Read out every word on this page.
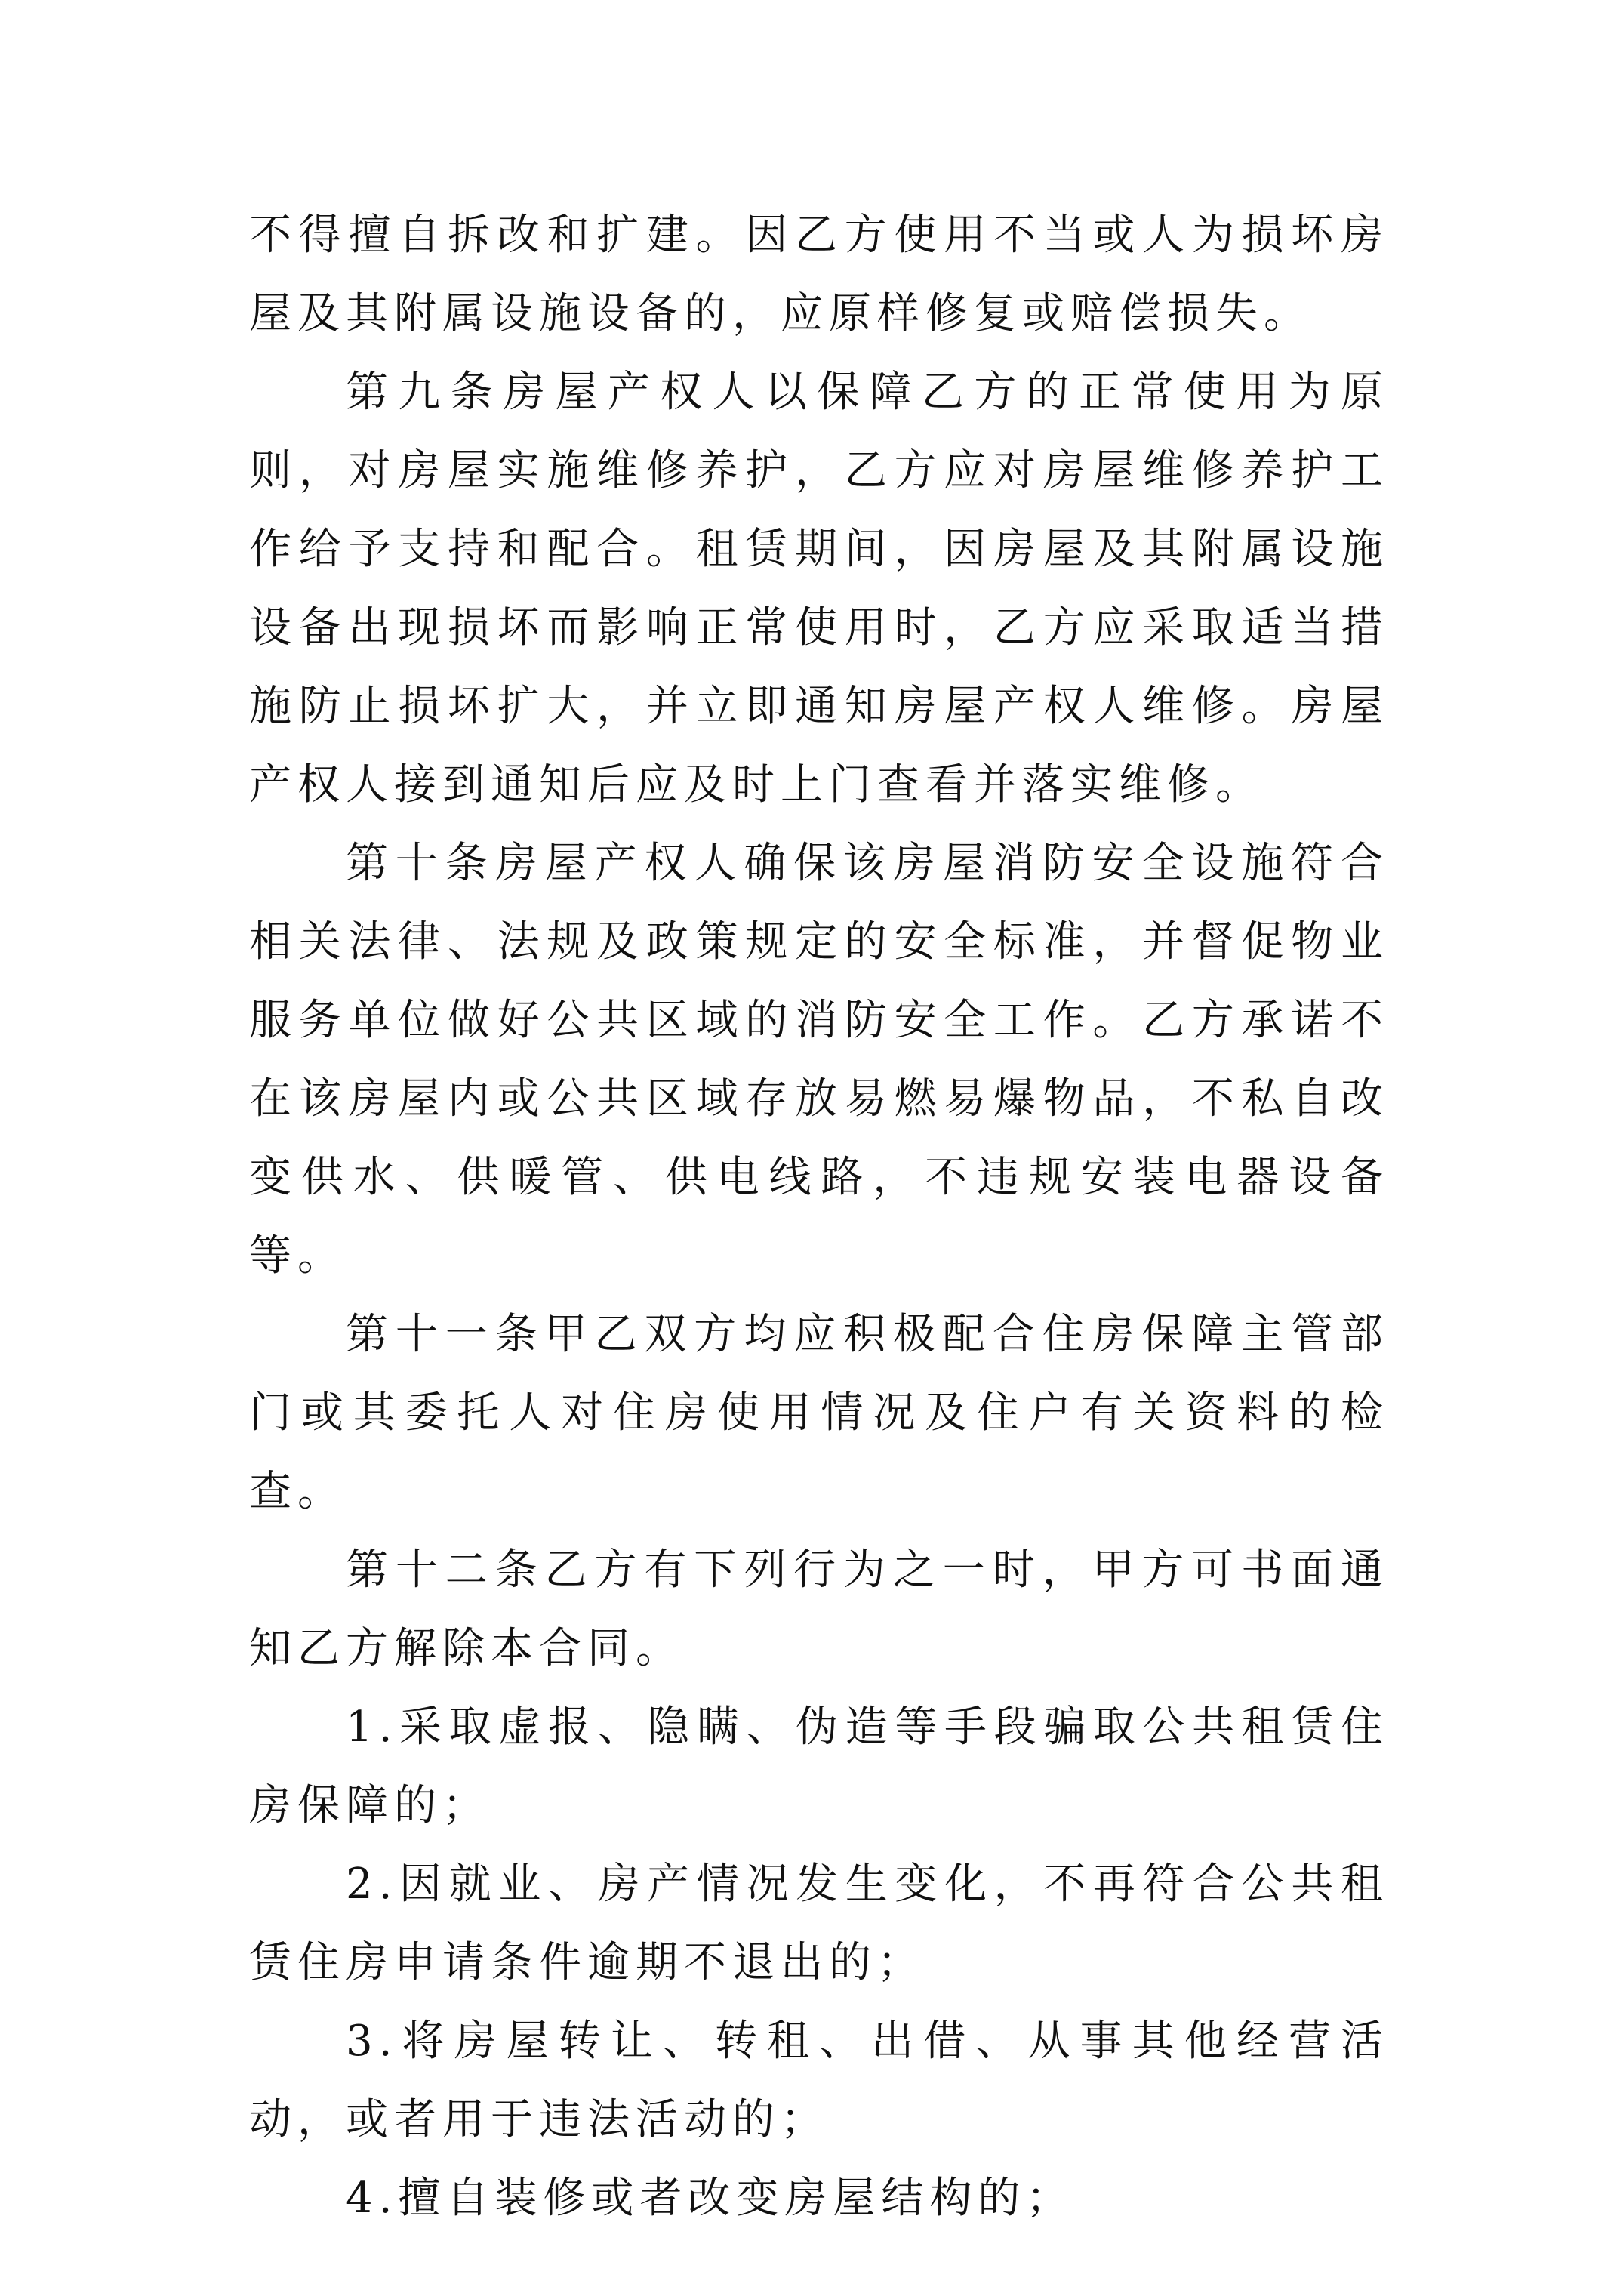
不得擅自拆改和扩建。因乙方使用不当或人为损坏房屋及其附属设施设备的，应原样修复或赔偿损失。

第九条房屋产权人以保障乙方的正常使用为原则，对房屋实施维修养护，乙方应对房屋维修养护工作给予支持和配合。租赁期间，因房屋及其附属设施设备出现损坏而影响正常使用时，乙方应采取适当措施防止损坏扩大，并立即通知房屋产权人维修。房屋产权人接到通知后应及时上门查看并落实维修。

第十条房屋产权人确保该房屋消防安全设施符合相关法律、法规及政策规定的安全标准，并督促物业服务单位做好公共区域的消防安全工作。乙方承诺不在该房屋内或公共区域存放易燃易爆物品，不私自改变供水、供暖管、供电线路，不违规安装电器设备等。

第十一条甲乙双方均应积极配合住房保障主管部门或其委托人对住房使用情况及住户有关资料的检查。

第十二条乙方有下列行为之一时，甲方可书面通知乙方解除本合同。

1.采取虚报、隐瞒、伪造等手段骗取公共租赁住房保障的；

2.因就业、房产情况发生变化，不再符合公共租赁住房申请条件逾期不退出的；

3.将房屋转让、转租、出借、从事其他经营活动，或者用于违法活动的；

4.擅自装修或者改变房屋结构的；
